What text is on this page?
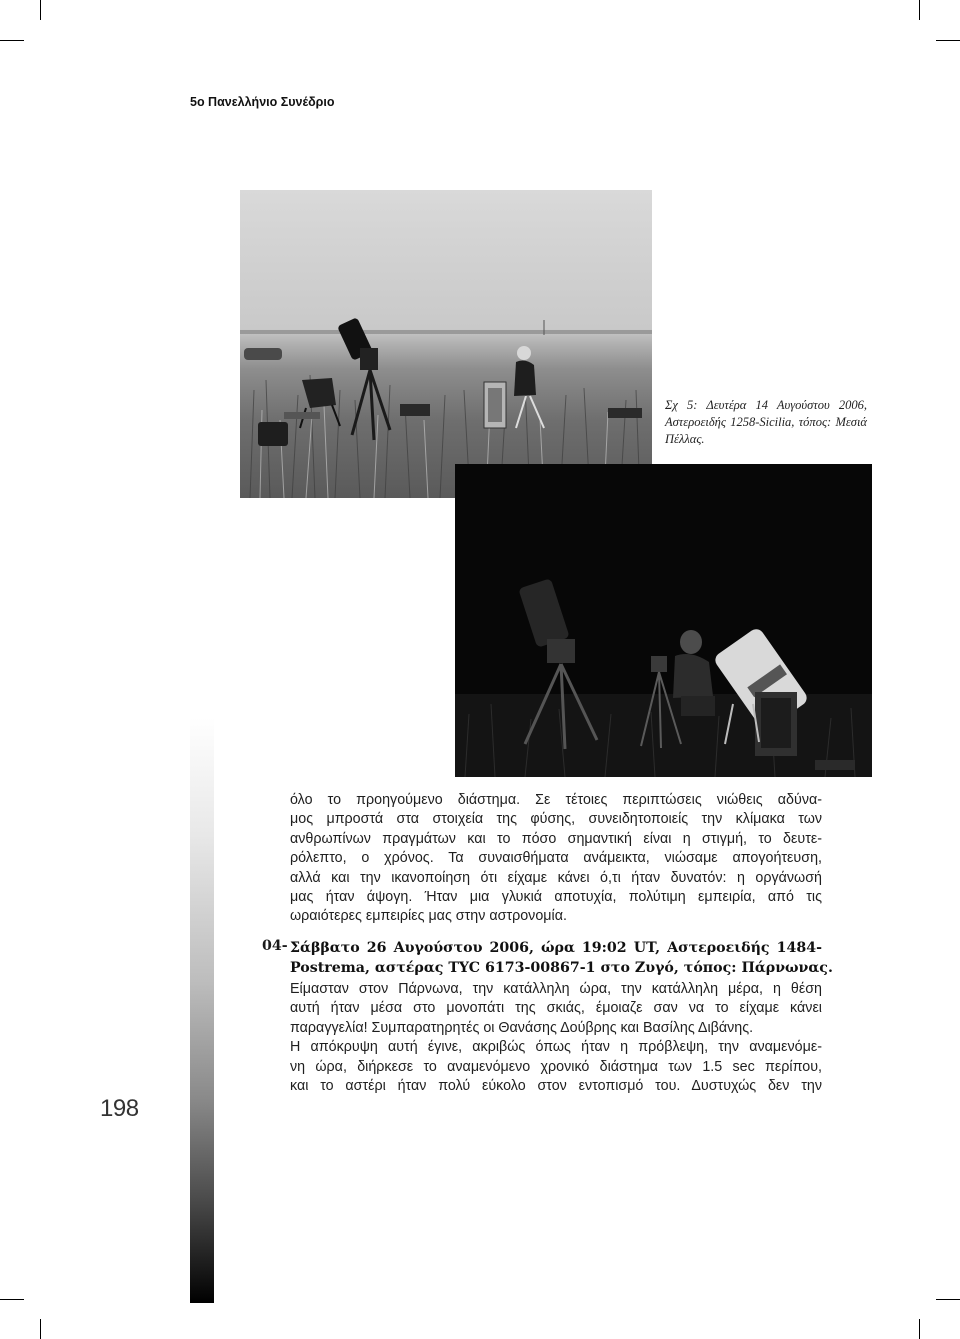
5ο Πανελλήνιο Συνέδριο
Σχ 5: Δευτέρα 14 Αυγούστου 2006, Αστεροειδής 1258-Sicilia, τόπος: Μεσιά Πέλλας.
198
όλο το προηγούμενο διάστημα. Σε τέτοιες περιπτώσεις νιώθεις αδύνα-
μος μπροστά στα στοιχεία της φύσης, συνειδητοποιείς την κλίμακα των
ανθρωπίνων πραγμάτων και το πόσο σημαντική είναι η στιγμή, το δευτε-
ρόλεπτο, ο χρόνος. Τα συναισθήματα ανάμεικτα, νιώσαμε απογοήτευση,
αλλά και την ικανοποίηση ότι είχαμε κάνει ό,τι ήταν δυνατόν: η οργάνωσή
μας ήταν άψογη. Ήταν μια γλυκιά αποτυχία, πολύτιμη εμπειρία, από τις
ωραιότερες εμπειρίες μας στην αστρονομία.
04- Σάββατο 26 Αυγούστου 2006, ώρα 19:02 UT, Αστεροειδής 1484-
Postrema, αστέρας TYC 6173-00867-1 στο Ζυγό, τόπος: Πάρνωνας.
Είμασταν στον Πάρνωνα, την κατάλληλη ώρα, την κατάλληλη μέρα, η θέση
αυτή ήταν μέσα στο μονοπάτι της σκιάς, έμοιαζε σαν να το είχαμε κάνει
παραγγελία! Συμπαρατηρητές οι Θανάσης Δούβρης και Βασίλης Διβάνης.
Η απόκρυψη αυτή έγινε, ακριβώς όπως ήταν η πρόβλεψη, την αναμενόμε-
νη ώρα, διήρκεσε το αναμενόμενο χρονικό διάστημα των 1.5 sec περίπου,
και το αστέρι ήταν πολύ εύκολο στον εντοπισμό του. Δυστυχώς δεν την
